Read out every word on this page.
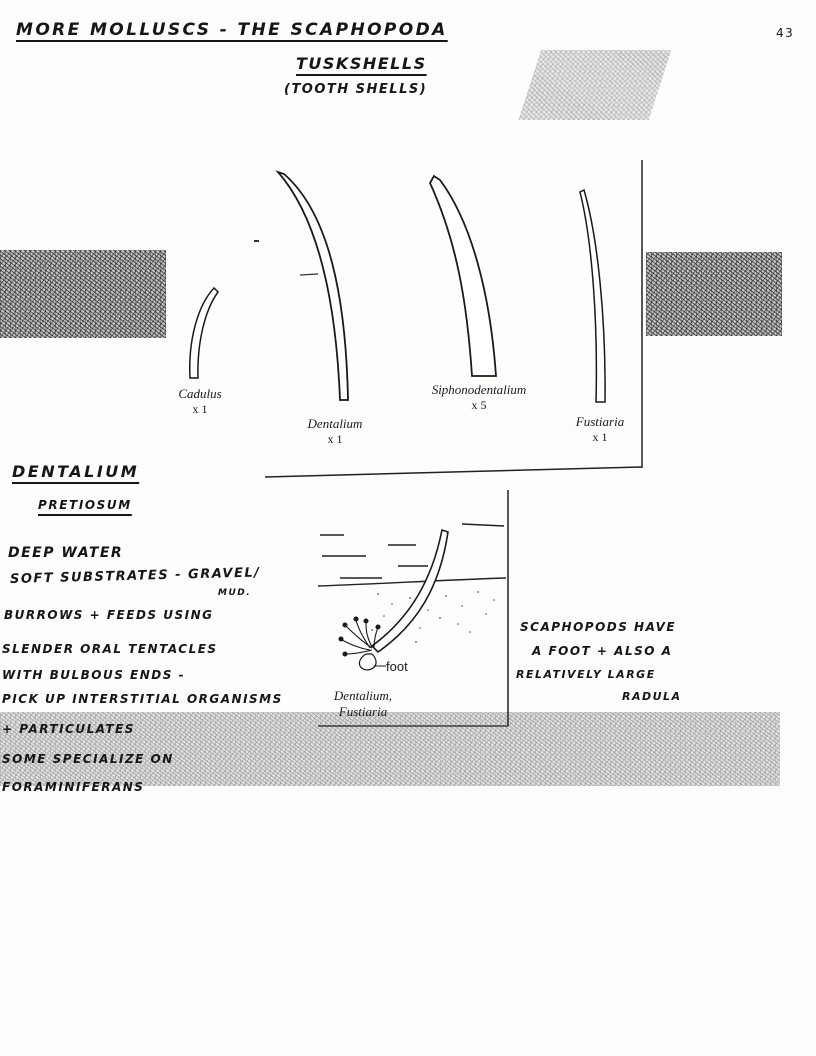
MORE MOLLUSCS - THE SCAPHOPODA	43
TUSKSHELLS
(TOOTH SHELLS)
Cadulus
x 1
Dentalium
x 1
Siphonodentalium
x 5
Fustiaria
x 1
foot
Dentalium,
Fustiaria
DENTALIUM
PRETIOSUM
DEEP WATER
SOFT SUBSTRATES - GRAVEL/
MUD.
BURROWS + FEEDS USING
SLENDER ORAL TENTACLES
WITH BULBOUS ENDS -
PICK UP INTERSTITIAL ORGANISMS
+ PARTICULATES
SOME SPECIALIZE ON
FORAMINIFERANS
SCAPHOPODS HAVE
A FOOT + ALSO A
RELATIVELY LARGE
RADULA
